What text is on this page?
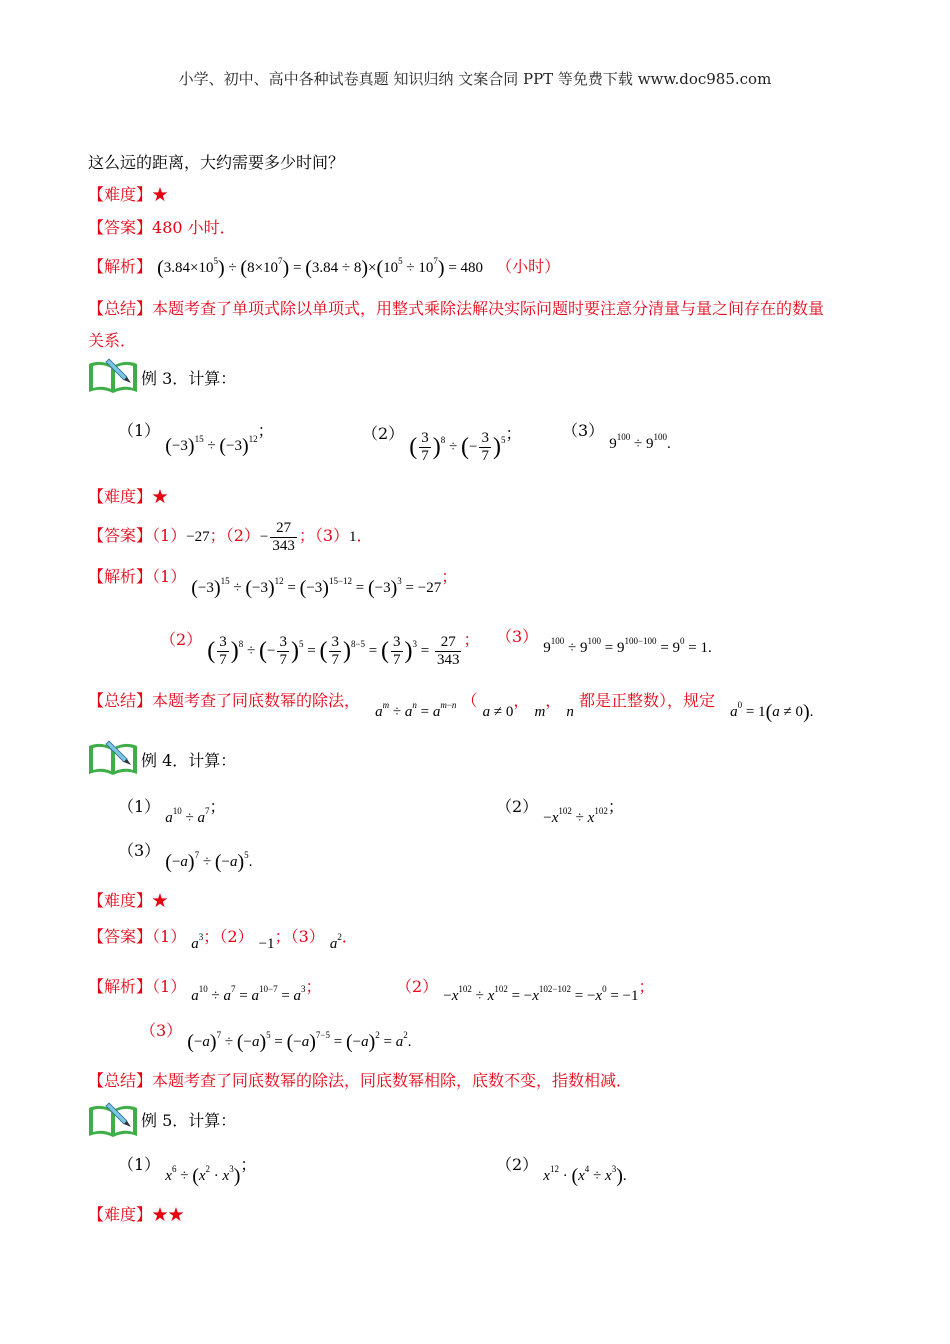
小学、初中、高中各种试卷真题 知识归纳 文案合同 PPT 等免费下载 www.doc985.com
这么远的距离，大约需要多少时间？
【难度】★
【答案】480 小时．
【解析】 $(3.84\times 10^5) \div (8\times 10^7) = (3.84 \div 8)\times(10^5 \div 10^7) = 480$ （小时）
【总结】本题考查了单项式除以单项式，用整式乘除法解决实际问题时要注意分清量与量之间存在的数量
关系．
例 3．计算：
（1） $(-3)^{15} \div (-3)^{12}$；	（2） ( $\frac{3}{7} )^8$ ÷ (− $\frac{3}{7} )^5$；	（3） $9^{100} \div 9^{100}$.
【难度】★
【答案】（1）−27；$(2)- \frac{27}{343}$ ；（3）1．
【解析】（1） $(-3)^{15} \div (-3)^{12} = (-3)^{15-12} = (-3)^3 = -27$；
（2） ( $\frac{3}{7} )^8$ ÷ (− $\frac{3}{7} )^5$ = ( $\frac{3}{7} )^{8-5}$ = ( $\frac{3}{7} )^3 = \frac{27}{343}$ ； （3） $9^{100} \div 9^{100} = 9^{100-100} = 9^0 = 1$.
【总结】本题考查了同底数幂的除法， $a^m \div a^n = a^{m-n}$ （ a ≠ 0， m， n 都是正整数），规定 $a^0 = 1(a \ne 0)$.
例 4．计算：
（1） $a^{10} \div a^7$；	$(2) -x^{102} \div x^{102}$；
（3） $(-a)^7 \div (-a)^5$.
【难度】★
【答案】（1） $a^3$；（2） −1；（3） $a^2$．
【解析】（1） $a^{10} \div a^7 = a^{10-7} = a^3$；	$(2) -x^{102} \div x^{102} = -x^{102-102} = -x^0 = -1$；
（3） $(-a)^7 \div (-a)^5 = (-a)^{7-5} = (-a)^2 = a^2$.
【总结】本题考查了同底数幂的除法，同底数幂相除，底数不变，指数相减．
例 5．计算：
（1） $x^6 \div (x^2 \cdot x^3)$；	（2） $x^{12} \cdot (x^4 \div x^3)$.
【难度】★★
